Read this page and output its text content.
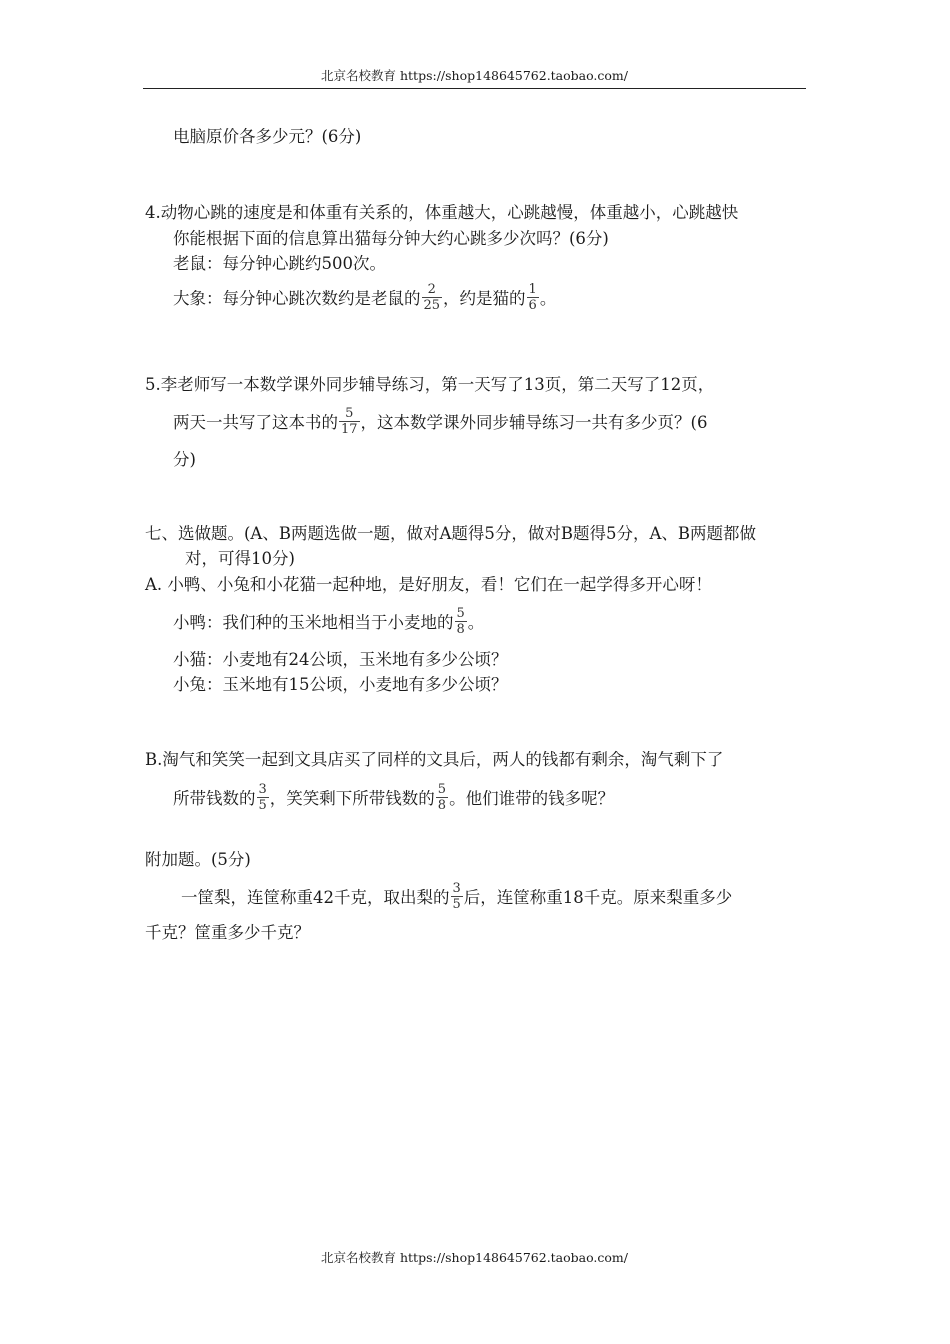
北京名校教育 https://shop148645762.taobao.com/
电脑原价各多少元？(6分)
4.动物心跳的速度是和体重有关系的，体重越大，心跳越慢，体重越小，心跳越快
你能根据下面的信息算出猫每分钟大约心跳多少次吗？(6分)
老鼠：每分钟心跳约500次。
大象：每分钟心跳次数约是老鼠的 $\frac{2}{25}$ ，约是猫的 $\frac{1}{6}$ 。
5.李老师写一本数学课外同步辅导练习，第一天写了13页，第二天写了12页，
两天一共写了这本书的 $\frac{5}{17}$ ，这本数学课外同步辅导练习一共有多少页？(6
分)
七、选做题。(A、B两题选做一题，做对A题得5分，做对B题得5分，A、B两题都做
对，可得10分)
A. 小鸭、小兔和小花猫一起种地，是好朋友，看！它们在一起学得多开心呀！
小鸭：我们种的玉米地相当于小麦地的 $\frac{5}{8}$ 。
小猫：小麦地有24公顷，玉米地有多少公顷？
小兔：玉米地有15公顷，小麦地有多少公顷？
B.淘气和笑笑一起到文具店买了同样的文具后，两人的钱都有剩余，淘气剩下了
所带钱数的 $\frac{3}{5}$ ，笑笑剩下所带钱数的 $\frac{5}{8}$ 。他们谁带的钱多呢？
附加题。(5分)
一筐梨，连筐称重42千克，取出梨的 $\frac{3}{5}$ 后，连筐称重18千克。原来梨重多少
千克？筐重多少千克？
北京名校教育 https://shop148645762.taobao.com/
